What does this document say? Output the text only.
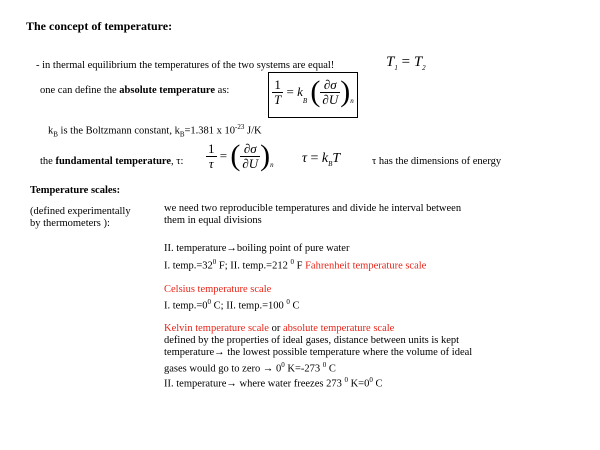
The concept of temperature:
- in thermal equilibrium the temperatures of the two systems are equal!	$T_1 = T_2$
one can define the absolute temperature as:	$\frac{1}{T} = k_B$ ( $\frac{\partial\sigma}{\partial U} )_n$
$k_B$ is the Boltzmann constant, $k_B=1.381$ x $10^{-23}$ J/K
the fundamental temperature, τ: $\frac{1}{\tau}$ = ( $\frac{\partial\sigma}{\partial U} )_n$ $\tau = k_BT$	τ has the dimensions of energy
Temperature scales:
(defined experimentally
by thermometers ):
we need two reproducible temperatures and divide he interval between
them in equal divisions
II. temperature→boiling point of pure water
I. $temp.=32^0$ F; II. temp.=212 $^0$ F Fahrenheit temperature scale
Celsius temperature scale
I. $temp.=0^0$ C; II. temp.=100 $^0$ C
Kelvin temperature scale or absolute temperature scale
defined by the properties of ideal gases, distance between units is kept
temperature→ the lowest possible temperature where the volume of ideal
gases would go to zero → $0^0$ K=-273 $^0$ C
II. temperature→ where water freezes 273 $^0$ $K=0^0$ C
